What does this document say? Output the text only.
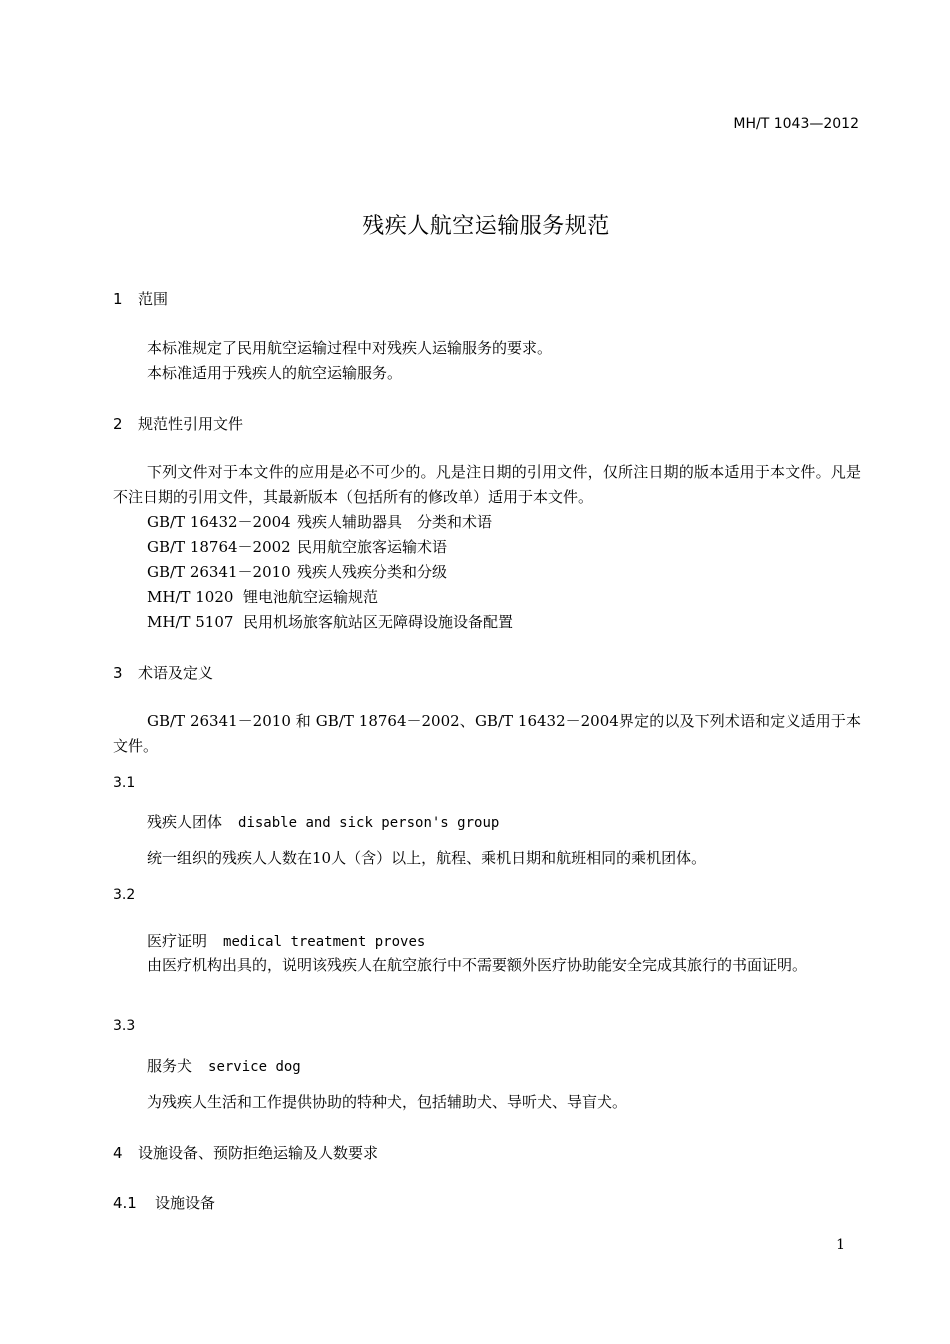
MH/T 1043—2012
残疾人航空运输服务规范
1 范围
本标准规定了民用航空运输过程中对残疾人运输服务的要求。
本标准适用于残疾人的航空运输服务。
2 规范性引用文件
下列文件对于本文件的应用是必不可少的。凡是注日期的引用文件，仅所注日期的版本适用于本文件。凡是不注日期的引用文件，其最新版本（包括所有的修改单）适用于本文件。
GB/T 16432－2004 残疾人辅助器具　分类和术语
GB/T 18764－2002 民用航空旅客运输术语
GB/T 26341－2010 残疾人残疾分类和分级
MH/T 1020 锂电池航空运输规范
MH/T 5107 民用机场旅客航站区无障碍设施设备配置
3 术语及定义
GB/T 26341－2010 和 GB/T 18764－2002、GB/T 16432－2004界定的以及下列术语和定义适用于本文件。
3.1
残疾人团体 disable and sick person's group
统一组织的残疾人人数在10人（含）以上，航程、乘机日期和航班相同的乘机团体。
3.2
医疗证明 medical treatment proves
由医疗机构出具的，说明该残疾人在航空旅行中不需要额外医疗协助能安全完成其旅行的书面证明。
3.3
服务犬 service dog
为残疾人生活和工作提供协助的特种犬，包括辅助犬、导听犬、导盲犬。
4 设施设备、预防拒绝运输及人数要求
4.1 设施设备
1
